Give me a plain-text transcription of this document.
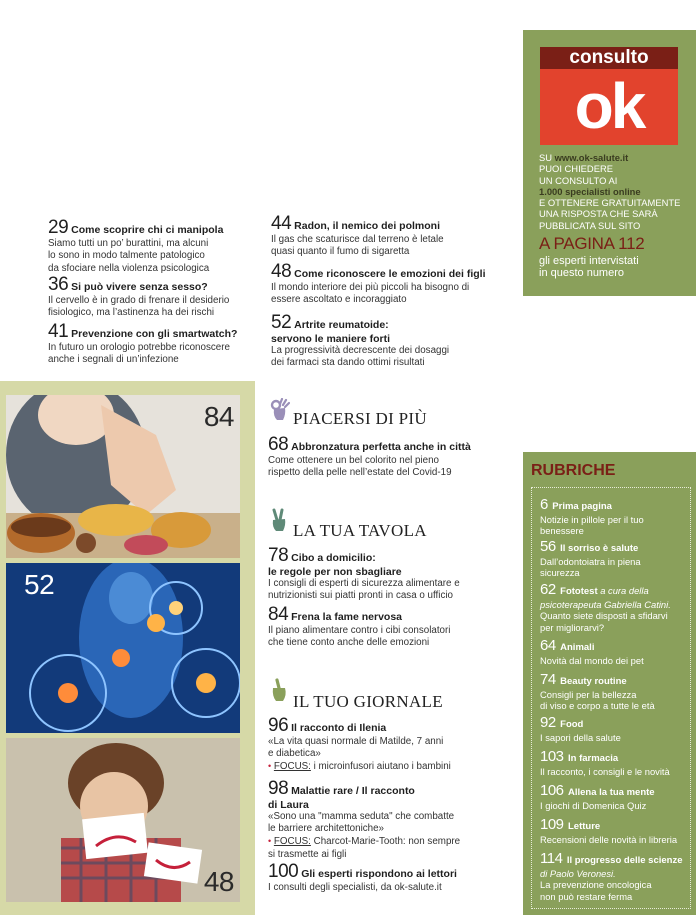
29 Come scoprire chi ci manipola
Siamo tutti un po’ burattini, ma alcuni
lo sono in modo talmente patologico
da sfociare nella violenza psicologica
36 Si può vivere senza sesso?
Il cervello è in grado di frenare il desiderio
fisiologico, ma l’astinenza ha dei rischi
41 Prevenzione con gli smartwatch?
In futuro un orologio potrebbe riconoscere
anche i segnali di un’infezione
44 Radon, il nemico dei polmoni
Il gas che scaturisce dal terreno è letale
quasi quanto il fumo di sigaretta
48 Come riconoscere le emozioni dei figli
Il mondo interiore dei più piccoli ha bisogno di
essere ascoltato e incoraggiato
52 Artrite reumatoide:
servono le maniere forti
La progressività decrescente dei dosaggi
dei farmaci sta dando ottimi risultati
consulto
ok
SU www.ok-salute.it
PUOI CHIEDERE
UN CONSULTO AI
1.000 specialisti online
E OTTENERE GRATUITAMENTE
UNA RISPOSTA CHE SARÀ
PUBBLICATA SUL SITO
A PAGINA 112
gli esperti intervistati
in questo numero
84
52
48
PIACERSI DI PIÙ
68 Abbronzatura perfetta anche in città
Come ottenere un bel colorito nel pieno
rispetto della pelle nell’estate del Covid-19
LA TUA TAVOLA
78 Cibo a domicilio:
le regole per non sbagliare
I consigli di esperti di sicurezza alimentare e
nutrizionisti sui piatti pronti in casa o ufficio
84 Frena la fame nervosa
Il piano alimentare contro i cibi consolatori
che tiene conto anche delle emozioni
IL TUO GIORNALE
96 Il racconto di Ilenia
«La vita quasi normale di Matilde, 7 anni
e diabetica»
• FOCUS: i microinfusori aiutano i bambini
98 Malattie rare / Il racconto
di Laura
«Sono una "mamma seduta" che combatte
le barriere architettoniche»
• FOCUS: Charcot-Marie-Tooth: non sempre
si trasmette ai figli
100 Gli esperti rispondono ai lettori
I consulti degli specialisti, da ok-salute.it
RUBRICHE
6 Prima pagina
Notizie in pillole per il tuo
benessere
56 Il sorriso è salute
Dall’odontoiatra in piena
sicurezza
62 Fototest a cura della
psicoterapeuta Gabriella Catini.
Quanto siete disposti a sfidarvi
per migliorarvi?
64 Animali
Novità dal mondo dei pet
74 Beauty routine
Consigli per la bellezza
di viso e corpo a tutte le età
92 Food
I sapori della salute
103 In farmacia
Il racconto, i consigli e le novità
106 Allena la tua mente
I giochi di Domenica Quiz
109 Letture
Recensioni delle novità in libreria
114 Il progresso delle scienze
di Paolo Veronesi.
La prevenzione oncologica
non può restare ferma
